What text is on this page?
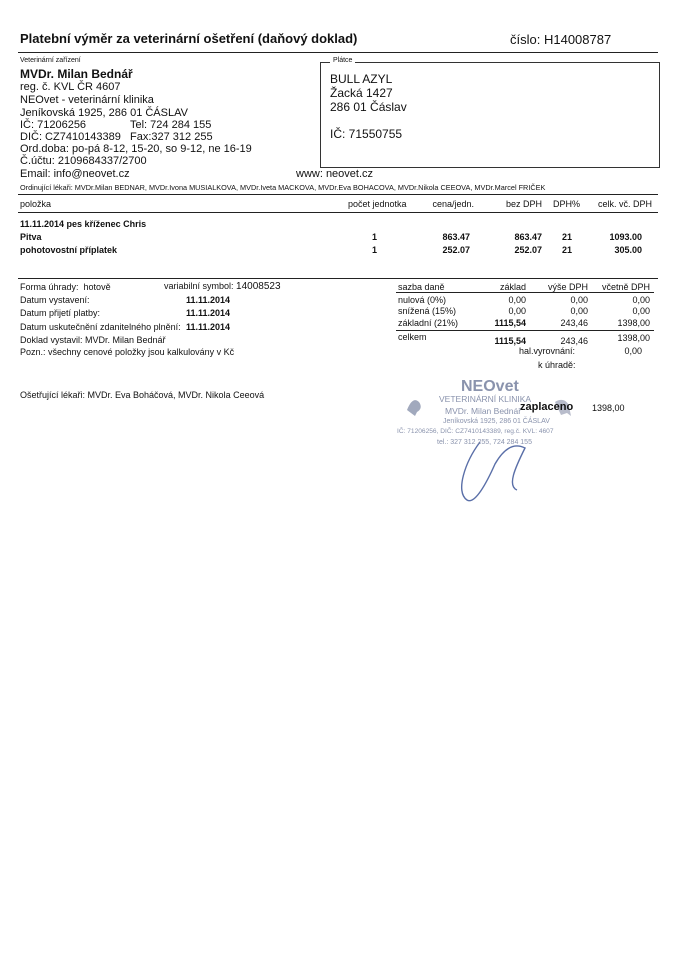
Platební výměr za veterinární ošetření (daňový doklad)	číslo: H14008787
Veterinární zařízení
MVDr. Milan Bednář
reg. č. KVL ČR 4607
NEOvet - veterinární klinika
Jeníkovská 1925, 286 01 ČÁSLAV
IČ: 71206256	Tel: 724 284 155
DIČ: CZ7410143389 Fax:327 312 255
Ord.doba: po-pá 8-12, 15-20, so 9-12, ne 16-19
Č.účtu: 2109684337/2700
Email: info@neovet.cz	www: neovet.cz
Ordinující lékaři: MVDr.Milan BEDNAR, MVDr.Ivona MUSIALKOVA, MVDr.Iveta MACKOVA, MVDr.Eva BOHACOVA, MVDr.Nikola CEEOVA, MVDr.Marcel FRIČEK
Plátce
BULL AZYL
Žacká 1427
286 01 Čáslav
IČ: 71550755
položka	počet jednotka	cena/jedn.	bez DPH DPH%	celk. vč. DPH
11.11.2014 pes kříženec Chris
Pitva	1	863.47	863.47 21	1093.00
pohotovostní příplatek	1	252.07	252.07 21	305.00
Forma úhrady: hotově	variabilní symbol: 14008523
Datum vystavení:	11.11.2014
Datum přijetí platby:	11.11.2014
Datum uskutečnění zdanitelného plnění: 11.11.2014
Doklad vystavil: MVDr. Milan Bednář
Pozn.: všechny cenové položky jsou kalkulovány v Kč
Ošetřující lékaři: MVDr. Eva Boháčová, MVDr. Nikola Ceeová
sazba daně	základ	výše DPH	včetně DPH
nulová (0%)	0,00	0,00	0,00
snížená (15%)	0,00	0,00	0,00
základní (21%)	1115,54	243,46	1398,00
celkem	1115,54	243,46	1398,00
hal.vyrovnání:	0,00
k úhradě:
NEOvet
VETERINÁRNÍ KLINIKA
MVDr. Milan Bednář
Jeníkovská 1925, 286 01 ČÁSLAV
IČ: 71206256, DIČ: CZ7410143389, reg.č. KVL: 4607
tel.: 327 312 255, 724 284 155
zaplaceno 1398,00
